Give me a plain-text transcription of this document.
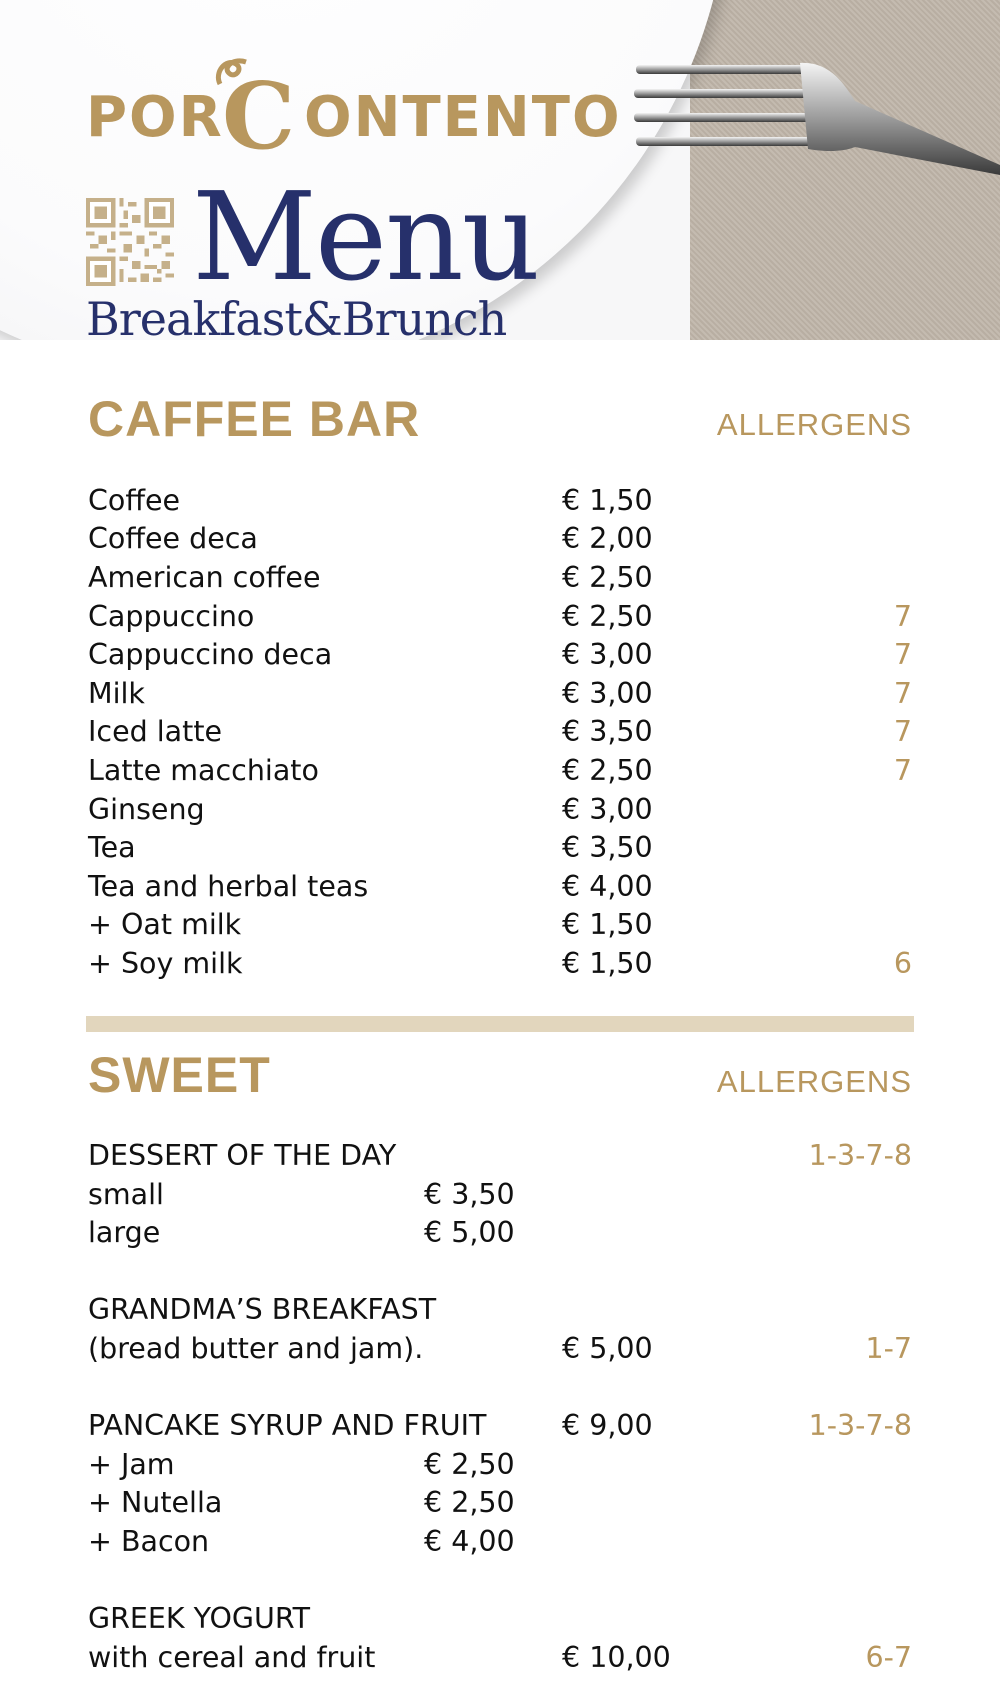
POR
C ONTENTO
Menu
Breakfast&Brunch
CAFFEE BAR	ALLERGENS
Coffee	€ 1,50
Coffee deca	€ 2,00
American coffee	€ 2,50
Cappuccino	€ 2,50	7
Cappuccino deca	€ 3,00	7
Milk	€ 3,00	7
Iced latte	€ 3,50	7
Latte macchiato	€ 2,50	7
Ginseng	€ 3,00
Tea	€ 3,50
Tea and herbal teas	€ 4,00
+ Oat milk	€ 1,50
+ Soy milk	€ 1,50	6
SWEET	ALLERGENS
DESSERT OF THE DAY	1-3-7-8
small	€ 3,50
large	€ 5,00
GRANDMA’S BREAKFAST
(bread butter and jam).	€ 5,00	1-7
PANCAKE SYRUP AND FRUIT	€ 9,00	1-3-7-8
+ Jam	€ 2,50
+ Nutella	€ 2,50
+ Bacon	€ 4,00
GREEK YOGURT
with cereal and fruit	€ 10,00	6-7
